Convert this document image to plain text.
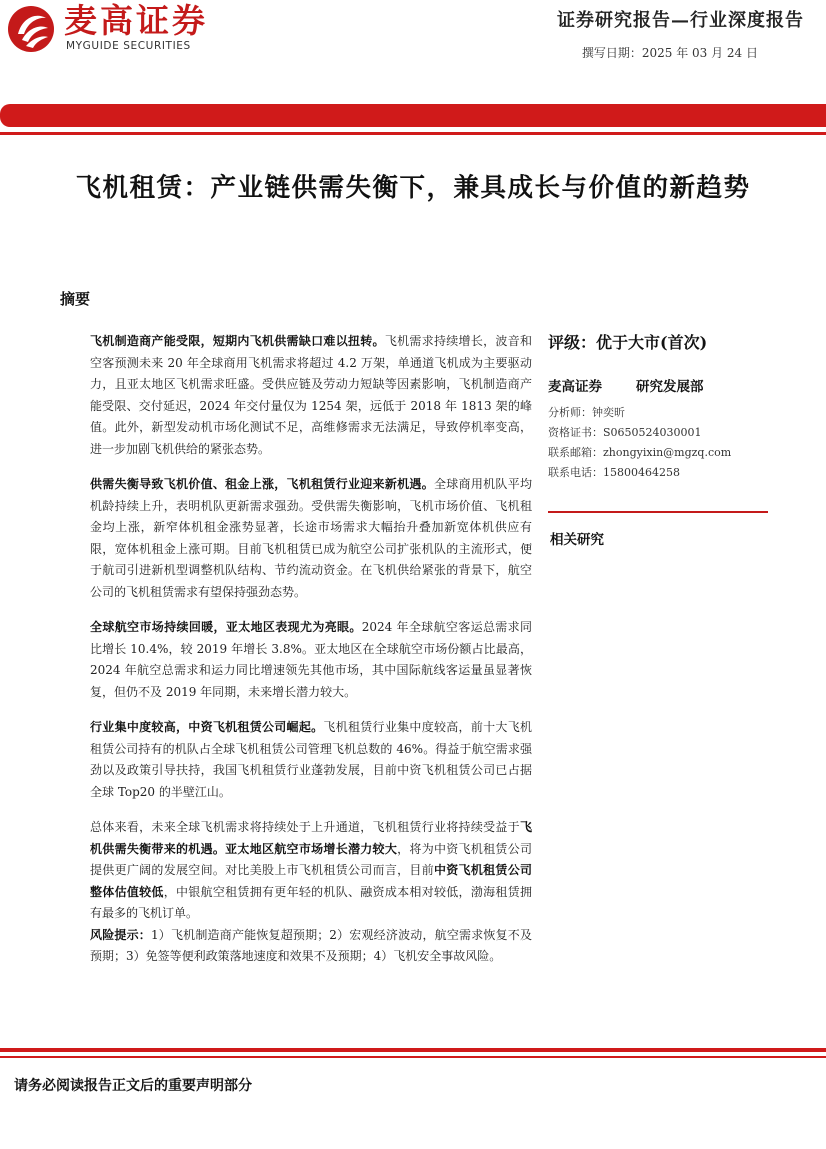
麦高证券
MYGUIDE SECURITIES
证券研究报告—行业深度报告
撰写日期：2025 年 03 月 24 日
飞机租赁：产业链供需失衡下，兼具成长与价值的新趋势
摘要

飞机制造商产能受限，短期内飞机供需缺口难以扭转。飞机需求持续增长，波音和空客预测未来 20 年全球商用飞机需求将超过 4.2 万架，单通道飞机成为主要驱动力，且亚太地区飞机需求旺盛。受供应链及劳动力短缺等因素影响，飞机制造商产能受限、交付延迟，2024 年交付量仅为 1254 架，远低于 2018 年 1813 架的峰值。此外，新型发动机市场化测试不足，高维修需求无法满足，导致停机率变高，进一步加剧飞机供给的紧张态势。

供需失衡导致飞机价值、租金上涨，飞机租赁行业迎来新机遇。全球商用机队平均机龄持续上升，表明机队更新需求强劲。受供需失衡影响，飞机市场价值、飞机租金均上涨，新窄体机租金涨势显著，长途市场需求大幅抬升叠加新宽体机供应有限，宽体机租金上涨可期。目前飞机租赁已成为航空公司扩张机队的主流形式，便于航司引进新机型调整机队结构、节约流动资金。在飞机供给紧张的背景下，航空公司的飞机租赁需求有望保持强劲态势。

全球航空市场持续回暖，亚太地区表现尤为亮眼。2024 年全球航空客运总需求同比增长 10.4%，较 2019 年增长 3.8%。亚太地区在全球航空市场份额占比最高，2024 年航空总需求和运力同比增速领先其他市场，其中国际航线客运量虽显著恢复，但仍不及 2019 年同期，未来增长潜力较大。

行业集中度较高，中资飞机租赁公司崛起。飞机租赁行业集中度较高，前十大飞机租赁公司持有的机队占全球飞机租赁公司管理飞机总数的 46%。得益于航空需求强劲以及政策引导扶持，我国飞机租赁行业蓬勃发展，目前中资飞机租赁公司已占据全球 Top20 的半壁江山。

总体来看，未来全球飞机需求将持续处于上升通道，飞机租赁行业将持续受益于飞机供需失衡带来的机遇。亚太地区航空市场增长潜力较大，将为中资飞机租赁公司提供更广阔的发展空间。对比美股上市飞机租赁公司而言，目前中资飞机租赁公司整体估值较低，中银航空租赁拥有更年轻的机队、融资成本相对较低，渤海租赁拥有最多的飞机订单。

风险提示：1）飞机制造商产能恢复超预期；2）宏观经济波动，航空需求恢复不及预期；3）免签等便利政策落地速度和效果不及预期；4）飞机安全事故风险。

评级：优于大市(首次)
麦高证券	研究发展部
分析师：钟奕昕
资格证书：S0650524030001
联系邮箱：zhongyixin@mgzq.com
联系电话：15800464258
相关研究
请务必阅读报告正文后的重要声明部分
